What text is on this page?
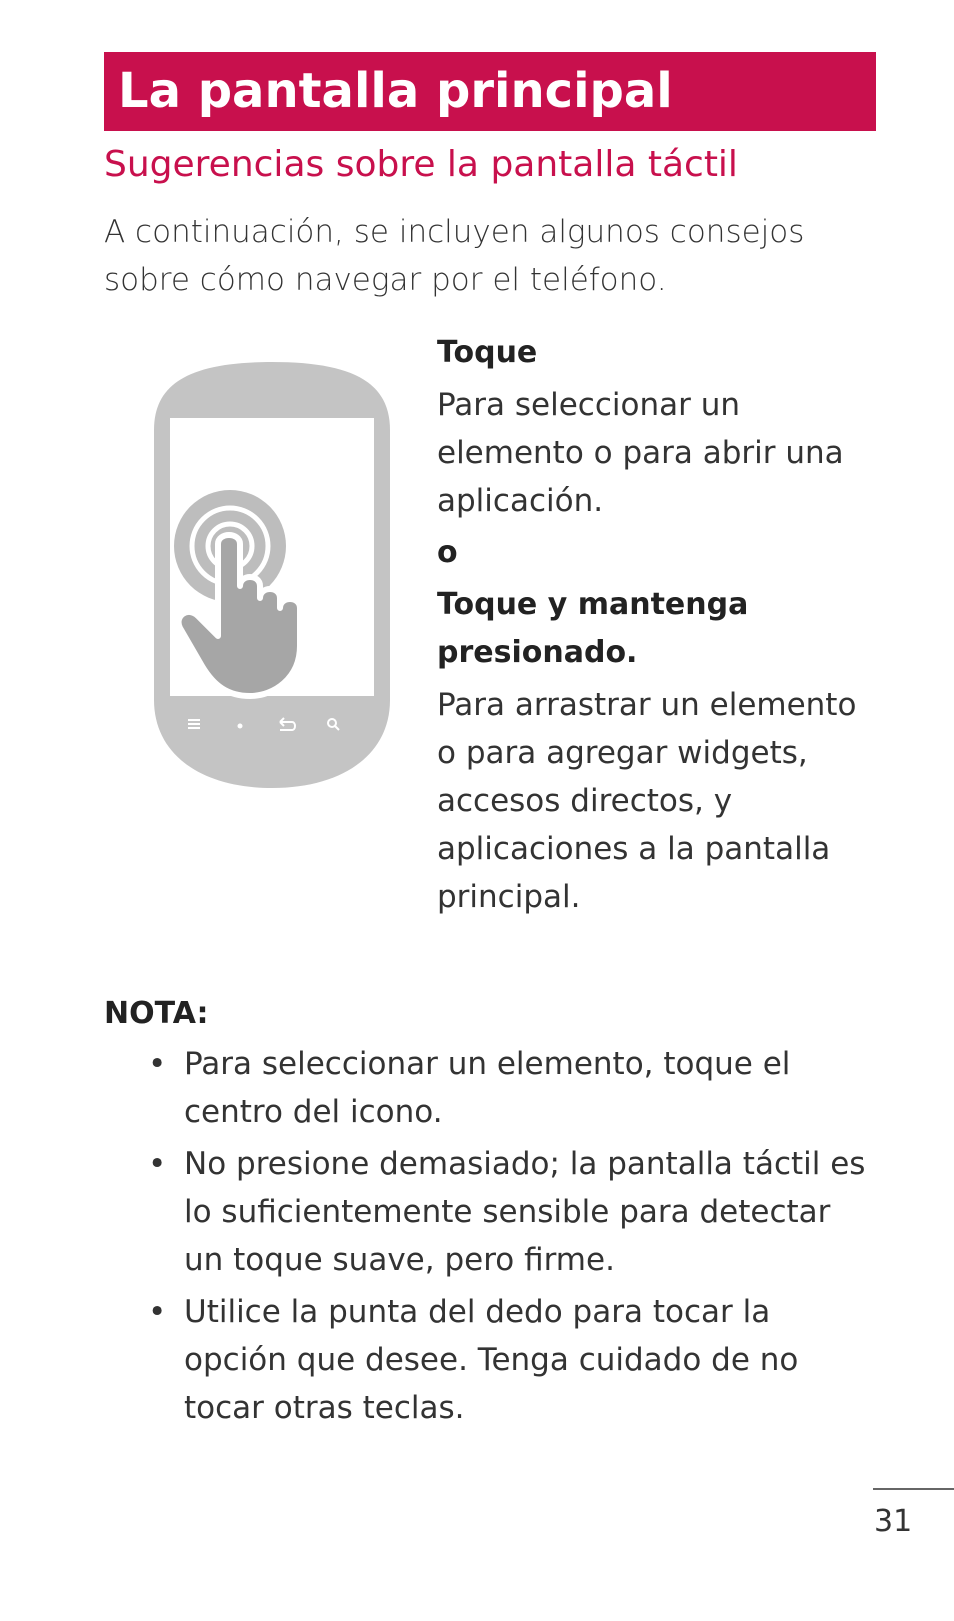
La pantalla principal
Sugerencias sobre la pantalla táctil

A continuación, se incluyen algunos consejos sobre cómo navegar por el teléfono.

Toque
Para seleccionar un elemento o para abrir una aplicación.
o
Toque y mantenga presionado.
Para arrastrar un elemento o para agregar widgets, accesos directos, y aplicaciones a la pantalla principal.
NOTA:
• Para seleccionar un elemento, toque el centro del icono.
• No presione demasiado; la pantalla táctil es lo suficientemente sensible para detectar un toque suave, pero firme.
• Utilice la punta del dedo para tocar la opción que desee. Tenga cuidado de no tocar otras teclas.
31
